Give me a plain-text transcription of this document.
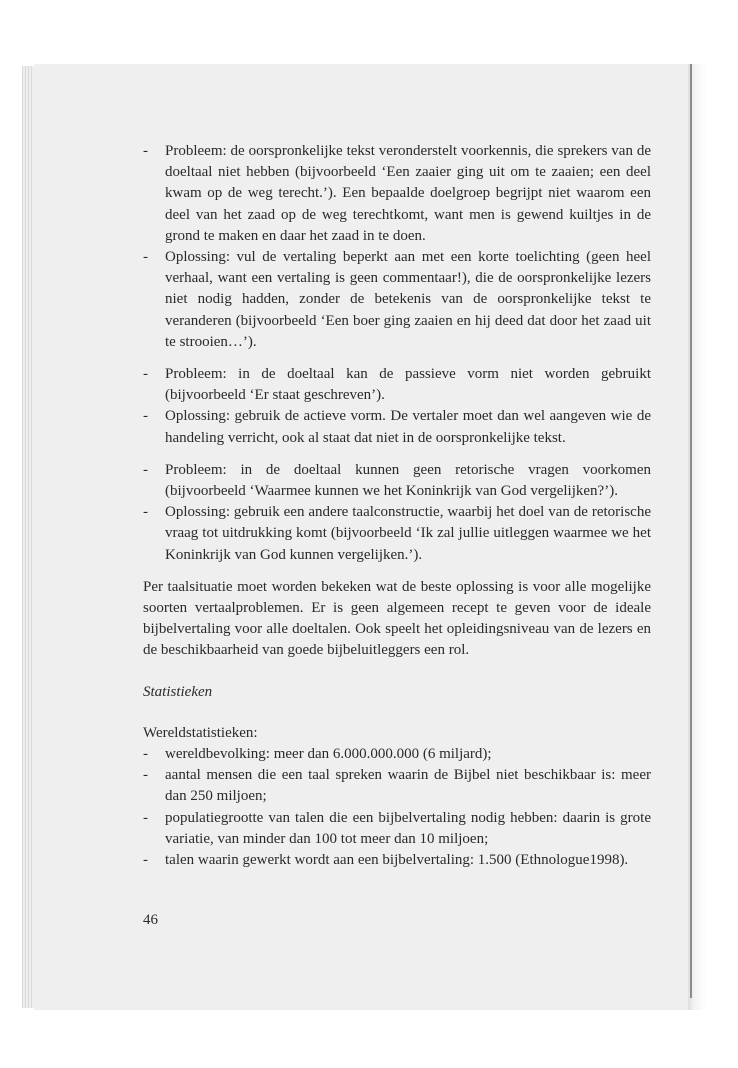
-	Probleem: de oorspronkelijke tekst veronderstelt voorkennis, die sprekers van de doeltaal niet hebben (bijvoorbeeld ‘Een zaaier ging uit om te zaaien; een deel kwam op de weg terecht.’). Een bepaalde doelgroep begrijpt niet waarom een deel van het zaad op de weg terechtkomt, want men is gewend kuiltjes in de grond te maken en daar het zaad in te doen.
-	Oplossing: vul de vertaling beperkt aan met een korte toelichting (geen heel verhaal, want een vertaling is geen commentaar!), die de oorspronkelijke lezers niet nodig hadden, zonder de betekenis van de oorspronkelijke tekst te veranderen (bijvoorbeeld ‘Een boer ging zaaien en hij deed dat door het zaad uit te strooien…’).
-	Probleem: in de doeltaal kan de passieve vorm niet worden gebruikt (bijvoorbeeld ‘Er staat geschreven’).
-	Oplossing: gebruik de actieve vorm. De vertaler moet dan wel aangeven wie de handeling verricht, ook al staat dat niet in de oorspronkelijke tekst.
-	Probleem: in de doeltaal kunnen geen retorische vragen voorkomen (bijvoorbeeld ‘Waarmee kunnen we het Koninkrijk van God vergelijken?’).
-	Oplossing: gebruik een andere taalconstructie, waarbij het doel van de retorische vraag tot uitdrukking komt (bijvoorbeeld ‘Ik zal jullie uitleggen waarmee we het Koninkrijk van God kunnen vergelijken.’).

Per taalsituatie moet worden bekeken wat de beste oplossing is voor alle mogelijke soorten vertaalproblemen. Er is geen algemeen recept te geven voor de ideale bijbelvertaling voor alle doeltalen. Ook speelt het opleidingsniveau van de lezers en de beschikbaarheid van goede bijbeluitleggers een rol.

Statistieken
Wereldstatistieken:
-	wereldbevolking: meer dan 6.000.000.000 (6 miljard);
-	aantal mensen die een taal spreken waarin de Bijbel niet beschikbaar is: meer dan 250 miljoen;
-	populatiegrootte van talen die een bijbelvertaling nodig hebben: daarin is grote variatie, van minder dan 100 tot meer dan 10 miljoen;
-	talen waarin gewerkt wordt aan een bijbelvertaling: 1.500 (Ethnologue1998).
46
